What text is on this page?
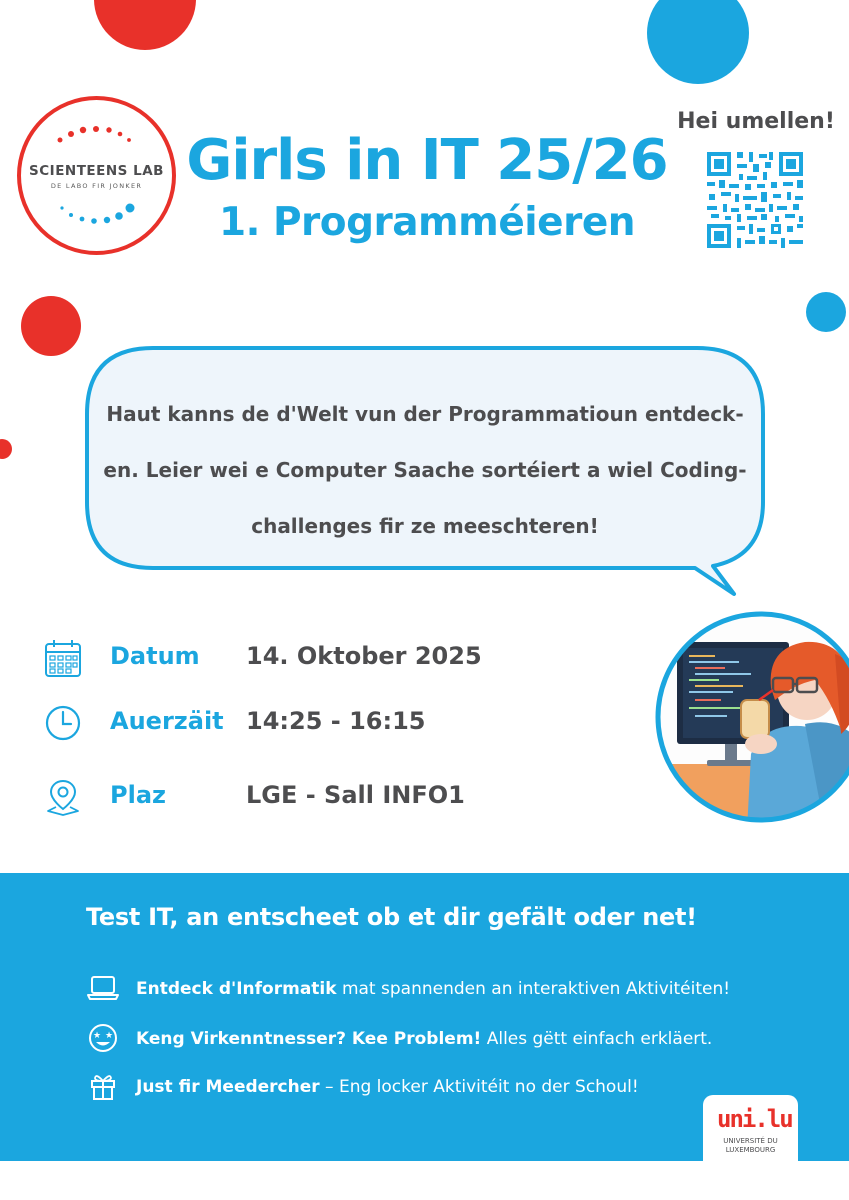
SCIENTEENS LAB
DE LABO FIR JONKER Girls in IT 25/26
1. Programméieren
Hei umellen!
Haut kanns de d'Welt vun der Programmatioun entdeck-
en. Leier wei e Computer Saache sortéiert a wiel Coding-
challenges fir ze meeschteren!
Datum 14. Oktober 2025
Auerzäit 14:25 - 16:15
Plaz	LGE - Sall INFO1
Test IT, an entscheet ob et dir gefält oder net!
Entdeck d'Informatik mat spannenden an interaktiven Aktivitéiten!
★ ★ Keng Virkenntnesser? Kee Problem! Alles gëtt einfach erkläert.
Just fir Meedercher – Eng locker Aktivitéit no der Schoul!
uni.lu
UNIVERSITÉ DU
LUXEMBOURG
